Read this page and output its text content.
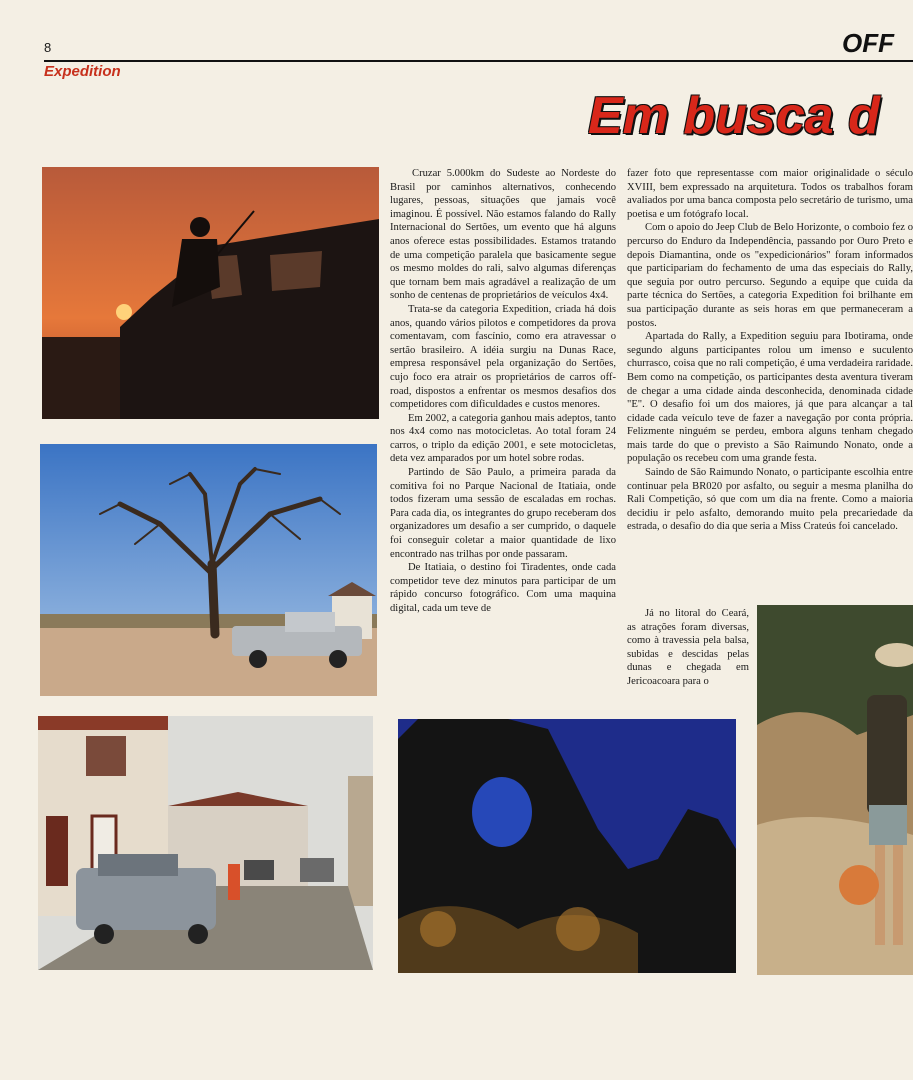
8	OFF
Expedition
Em busca d

Cruzar 5.000km do Sudeste ao Nordeste do Brasil por caminhos alternativos, conhecendo lugares, pessoas, situações que jamais você imaginou. É possível. Não estamos falando do Rally Internacional do Sertões, um evento que há alguns anos oferece estas possibilidades. Estamos tratando de uma competição paralela que basicamente segue os mesmo moldes do rali, salvo algumas diferenças que tornam bem mais agradável a realização de um sonho de centenas de proprietários de veículos 4x4.

Trata-se da categoria Expedition, criada há dois anos, quando vários pilotos e competidores da prova comentavam, com fascínio, como era atravessar o sertão brasileiro. A idéia surgiu na Dunas Race, empresa responsável pela organização do Sertões, cujo foco era atrair os proprietários de carros off-road, dispostos a enfrentar os mesmos desafios dos competidores com dificuldades e custos menores.

Em 2002, a categoria ganhou mais adeptos, tanto nos 4x4 como nas motocicletas. Ao total foram 24 carros, o triplo da edição 2001, e sete motocicletas, deta vez amparados por um hotel sobre rodas.

Partindo de São Paulo, a primeira parada da comitiva foi no Parque Nacional de Itatiaia, onde todos fizeram uma sessão de escaladas em rochas. Para cada dia, os integrantes do grupo receberam dos organizadores um desafio a ser cumprido, o daquele foi conseguir coletar a maior quantidade de lixo encontrado nas trilhas por onde passaram.

De Itatiaia, o destino foi Tiradentes, onde cada competidor teve dez minutos para participar de um rápido concurso fotográfico. Com uma maquina digital, cada um teve de

fazer foto que representasse com maior originalidade o século XVIII, bem expressado na arquitetura. Todos os trabalhos foram avaliados por uma banca composta pelo secretário de turismo, uma poetisa e um fotógrafo local.

Com o apoio do Jeep Club de Belo Horizonte, o comboio fez o percurso do Enduro da Independência, passando por Ouro Preto e depois Diamantina, onde os "expedicionários" foram informados que participariam do fechamento de uma das especiais do Rally, que seguia por outro percurso. Segundo a equipe que cuida da parte técnica do Sertões, a categoria Expedition foi brilhante em sua participação durante as seis horas em que permaneceram a postos.

Apartada do Rally, a Expedition seguiu para Ibotirama, onde segundo alguns participantes rolou um imenso e suculento churrasco, coisa que no rali competição, é uma verdadeira raridade. Bem como na competição, os participantes desta aventura tiveram de chegar a uma cidade ainda desconhecida, denominada cidade "E". O desafio foi um dos maiores, já que para alcançar a tal cidade cada veículo teve de fazer a navegação por conta própria. Felizmente ninguém se perdeu, embora alguns tenham chegado mais tarde do que o previsto a São Raimundo Nonato, onde a população os recebeu com uma grande festa.

Saindo de São Raimundo Nonato, o participante escolhia entre continuar pela BR020 por asfalto, ou seguir a mesma planilha do Rali Competição, só que com um dia na frente. Como a maioria decidiu ir pelo asfalto, demorando muito pela precariedade da estrada, o desafio do dia que seria a Miss Crateús foi cancelado.

Já no litoral do Ceará, as atrações foram diversas, como à travessia pela balsa, subidas e descidas pelas dunas e chegada em Jericoacoara para o
